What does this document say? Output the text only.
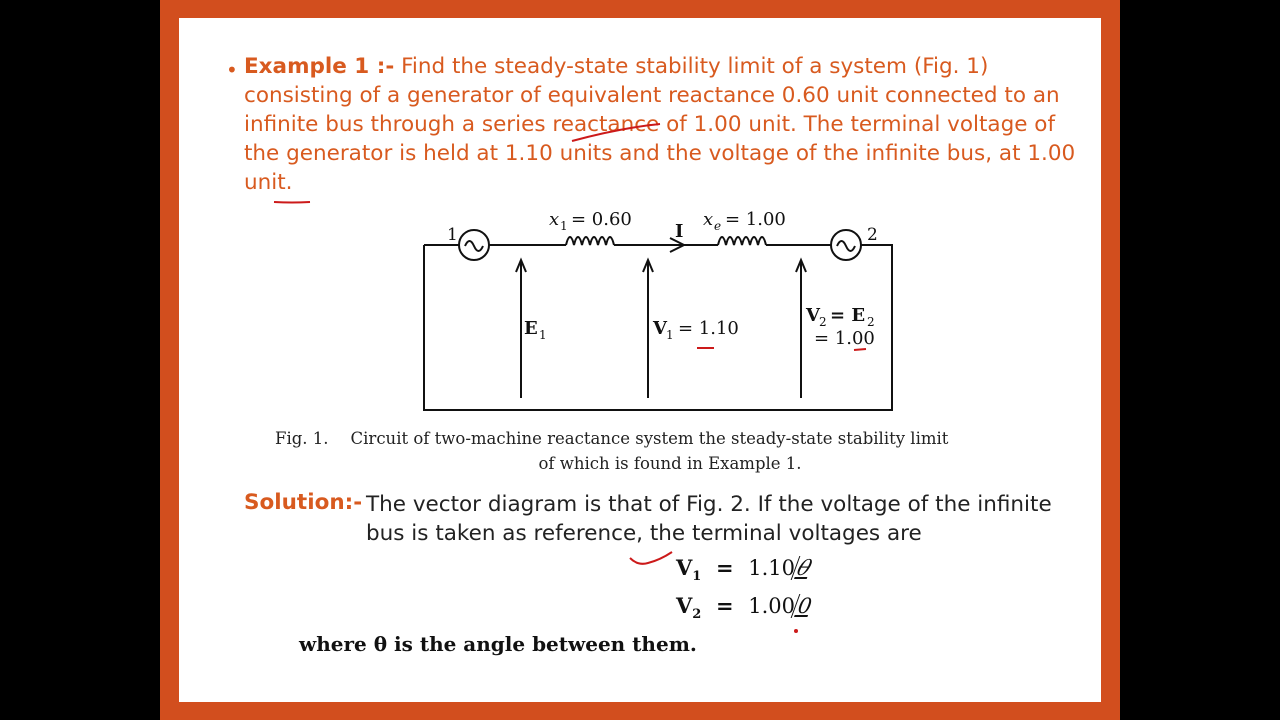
• Example 1 :- Find the steady-state stability limit of a system (Fig. 1) consisting of a generator of equivalent reactance 0.60 unit connected to an infinite bus through a series reactance of 1.00 unit. The terminal voltage of the generator is held at 1.10 units and the voltage of the infinite bus, at 1.00 unit.
1	2
x 1 = 0.60	x e = 1.00
I
E 1	V 1 = 1.10
V 2 = E 2
= 1.00
Fig. 1. Circuit of two-machine reactance system the steady-state stability limit
of which is found in Example 1.
Solution:- The vector diagram is that of Fig. 2. If the voltage of the infinite bus is taken as reference, the terminal voltages are
$V_1 = 1.10\theta$
$V_2 = 1.000$
where θ is the angle between them.
